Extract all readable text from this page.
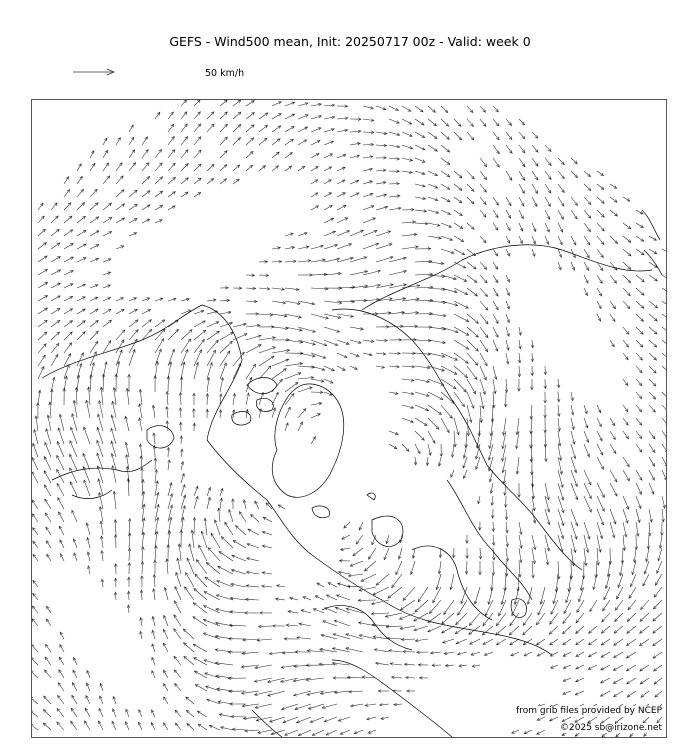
GEFS - Wind500 mean, Init: 20250717 00z - Valid: week 0
50 km/h
from grib files provided by NCEP
©2025 sb@irizone.net
